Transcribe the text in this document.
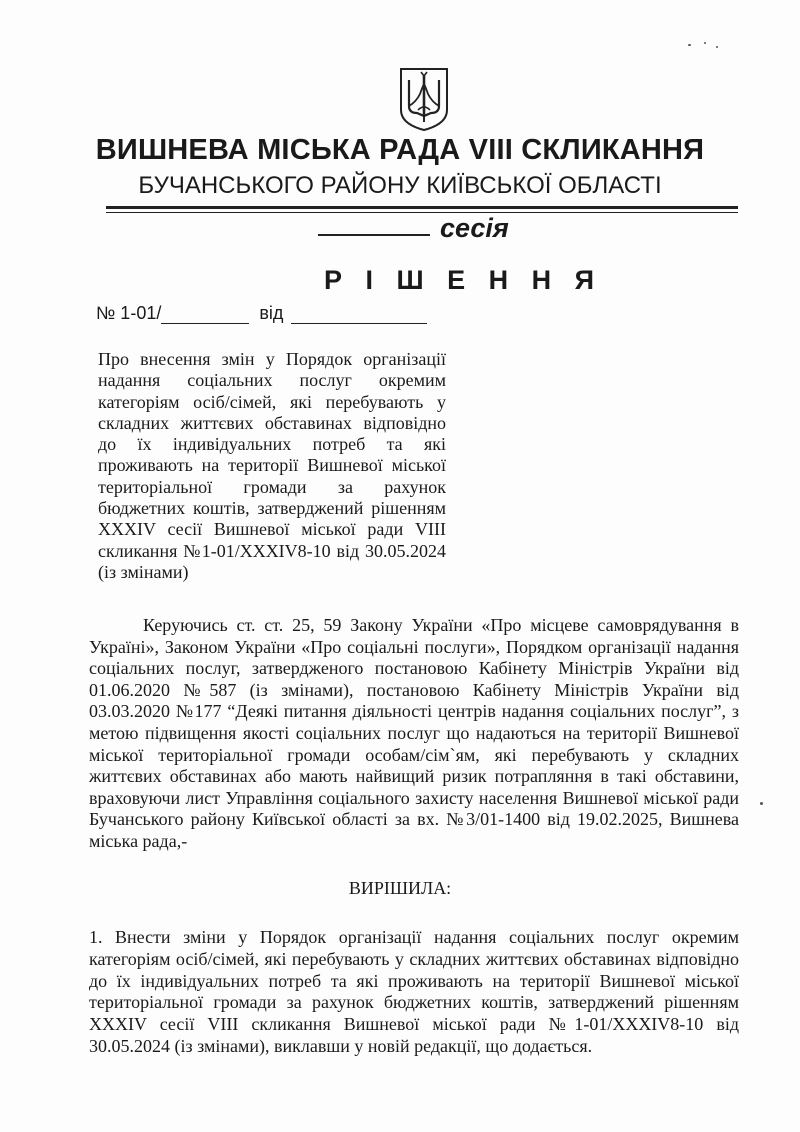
ВИШНЕВА МІСЬКА РАДА VIII СКЛИКАННЯ
БУЧАНСЬКОГО РАЙОНУ КИЇВСЬКОЇ ОБЛАСТІ
сесія
Р І Ш Е Н Н Я
№ 1-01/	від
Про внесення змін у Порядок організації надання соціальних послуг окремим категоріям осіб/сімей, які перебувають у складних життєвих обставинах відповідно до їх індивідуальних потреб та які проживають на території Вишневої міської територіальної громади за рахунок бюджетних коштів, затверджений рішенням XXXIV сесії Вишневої міської ради VIII скликання №1-01/XXXIV8-10 від 30.05.2024 (із змінами)
Керуючись ст. ст. 25, 59 Закону України «Про місцеве самоврядування в Україні», Законом України «Про соціальні послуги», Порядком організації надання соціальних послуг, затвердженого постановою Кабінету Міністрів України від 01.06.2020 №587 (із змінами), постановою Кабінету Міністрів України від 03.03.2020 №177 “Деякі питання діяльності центрів надання соціальних послуг”, з метою підвищення якості соціальних послуг що надаються на території Вишневої міської територіальної громади особам/сім`ям, які перебувають у складних життєвих обставинах або мають найвищий ризик потрапляння в такі обставини, враховуючи лист Управління соціального захисту населення Вишневої міської ради Бучанського району Київської області за вх. №3/01-1400 від 19.02.2025, Вишнева міська рада,-
ВИРІШИЛА:
1. Внести зміни у Порядок організації надання соціальних послуг окремим категоріям осіб/сімей, які перебувають у складних життєвих обставинах відповідно до їх індивідуальних потреб та які проживають на території Вишневої міської територіальної громади за рахунок бюджетних коштів, затверджений рішенням XXXIV сесії VIII скликання Вишневої міської ради №1-01/XXXIV8-10 від 30.05.2024 (із змінами), виклавши у новій редакції, що додається.
